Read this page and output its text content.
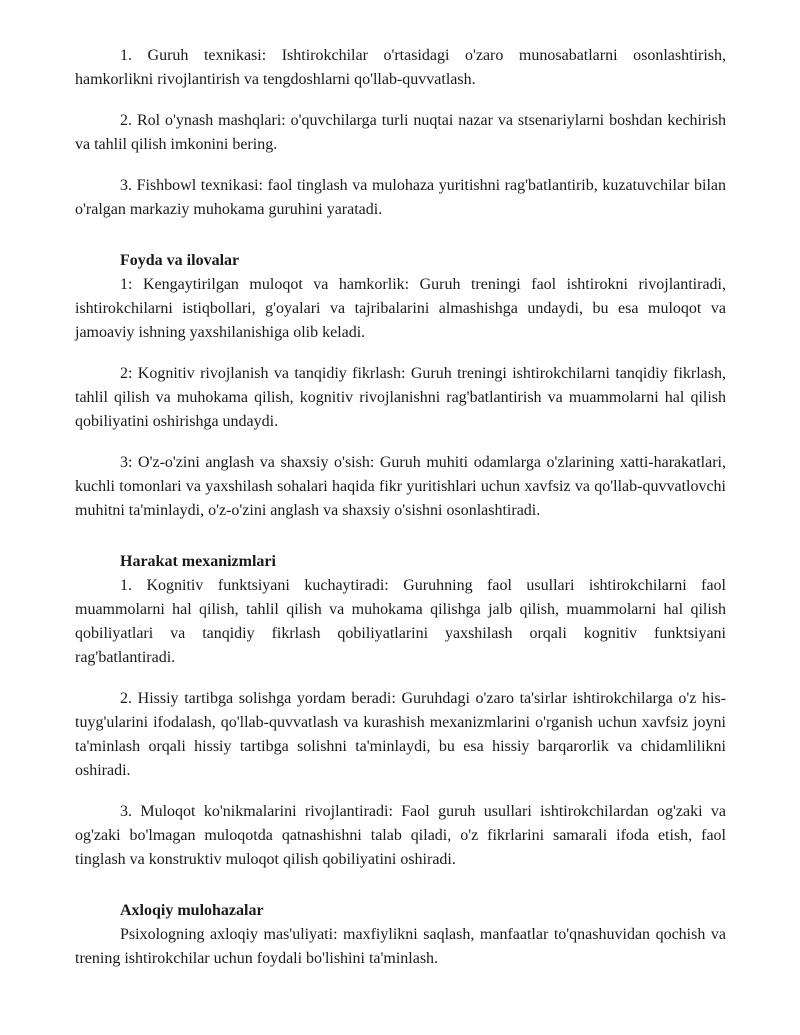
1. Guruh texnikasi: Ishtirokchilar o'rtasidagi o'zaro munosabatlarni osonlashtirish, hamkorlikni rivojlantirish va tengdoshlarni qo'llab-quvvatlash.

2. Rol o'ynash mashqlari: o'quvchilarga turli nuqtai nazar va stsenariylarni boshdan kechirish va tahlil qilish imkonini bering.

3. Fishbowl texnikasi: faol tinglash va mulohaza yuritishni rag'batlantirib, kuzatuvchilar bilan o'ralgan markaziy muhokama guruhini yaratadi.

Foyda va ilovalar

1: Kengaytirilgan muloqot va hamkorlik: Guruh treningi faol ishtirokni rivojlantiradi, ishtirokchilarni istiqbollari, g'oyalari va tajribalarini almashishga undaydi, bu esa muloqot va jamoaviy ishning yaxshilanishiga olib keladi.

2: Kognitiv rivojlanish va tanqidiy fikrlash: Guruh treningi ishtirokchilarni tanqidiy fikrlash, tahlil qilish va muhokama qilish, kognitiv rivojlanishni rag'batlantirish va muammolarni hal qilish qobiliyatini oshirishga undaydi.

3: O'z-o'zini anglash va shaxsiy o'sish: Guruh muhiti odamlarga o'zlarining xatti-harakatlari, kuchli tomonlari va yaxshilash sohalari haqida fikr yuritishlari uchun xavfsiz va qo'llab-quvvatlovchi muhitni ta'minlaydi, o'z-o'zini anglash va shaxsiy o'sishni osonlashtiradi.

Harakat mexanizmlari

1. Kognitiv funktsiyani kuchaytiradi: Guruhning faol usullari ishtirokchilarni faol muammolarni hal qilish, tahlil qilish va muhokama qilishga jalb qilish, muammolarni hal qilish qobiliyatlari va tanqidiy fikrlash qobiliyatlarini yaxshilash orqali kognitiv funktsiyani rag'batlantiradi.

2. Hissiy tartibga solishga yordam beradi: Guruhdagi o'zaro ta'sirlar ishtirokchilarga o'z his-tuyg'ularini ifodalash, qo'llab-quvvatlash va kurashish mexanizmlarini o'rganish uchun xavfsiz joyni ta'minlash orqali hissiy tartibga solishni ta'minlaydi, bu esa hissiy barqarorlik va chidamlilikni oshiradi.

3. Muloqot ko'nikmalarini rivojlantiradi: Faol guruh usullari ishtirokchilardan og'zaki va og'zaki bo'lmagan muloqotda qatnashishni talab qiladi, o'z fikrlarini samarali ifoda etish, faol tinglash va konstruktiv muloqot qilish qobiliyatini oshiradi.

Axloqiy mulohazalar

Psixologning axloqiy mas'uliyati: maxfiylikni saqlash, manfaatlar to'qnashuvidan qochish va trening ishtirokchilar uchun foydali bo'lishini ta'minlash.
